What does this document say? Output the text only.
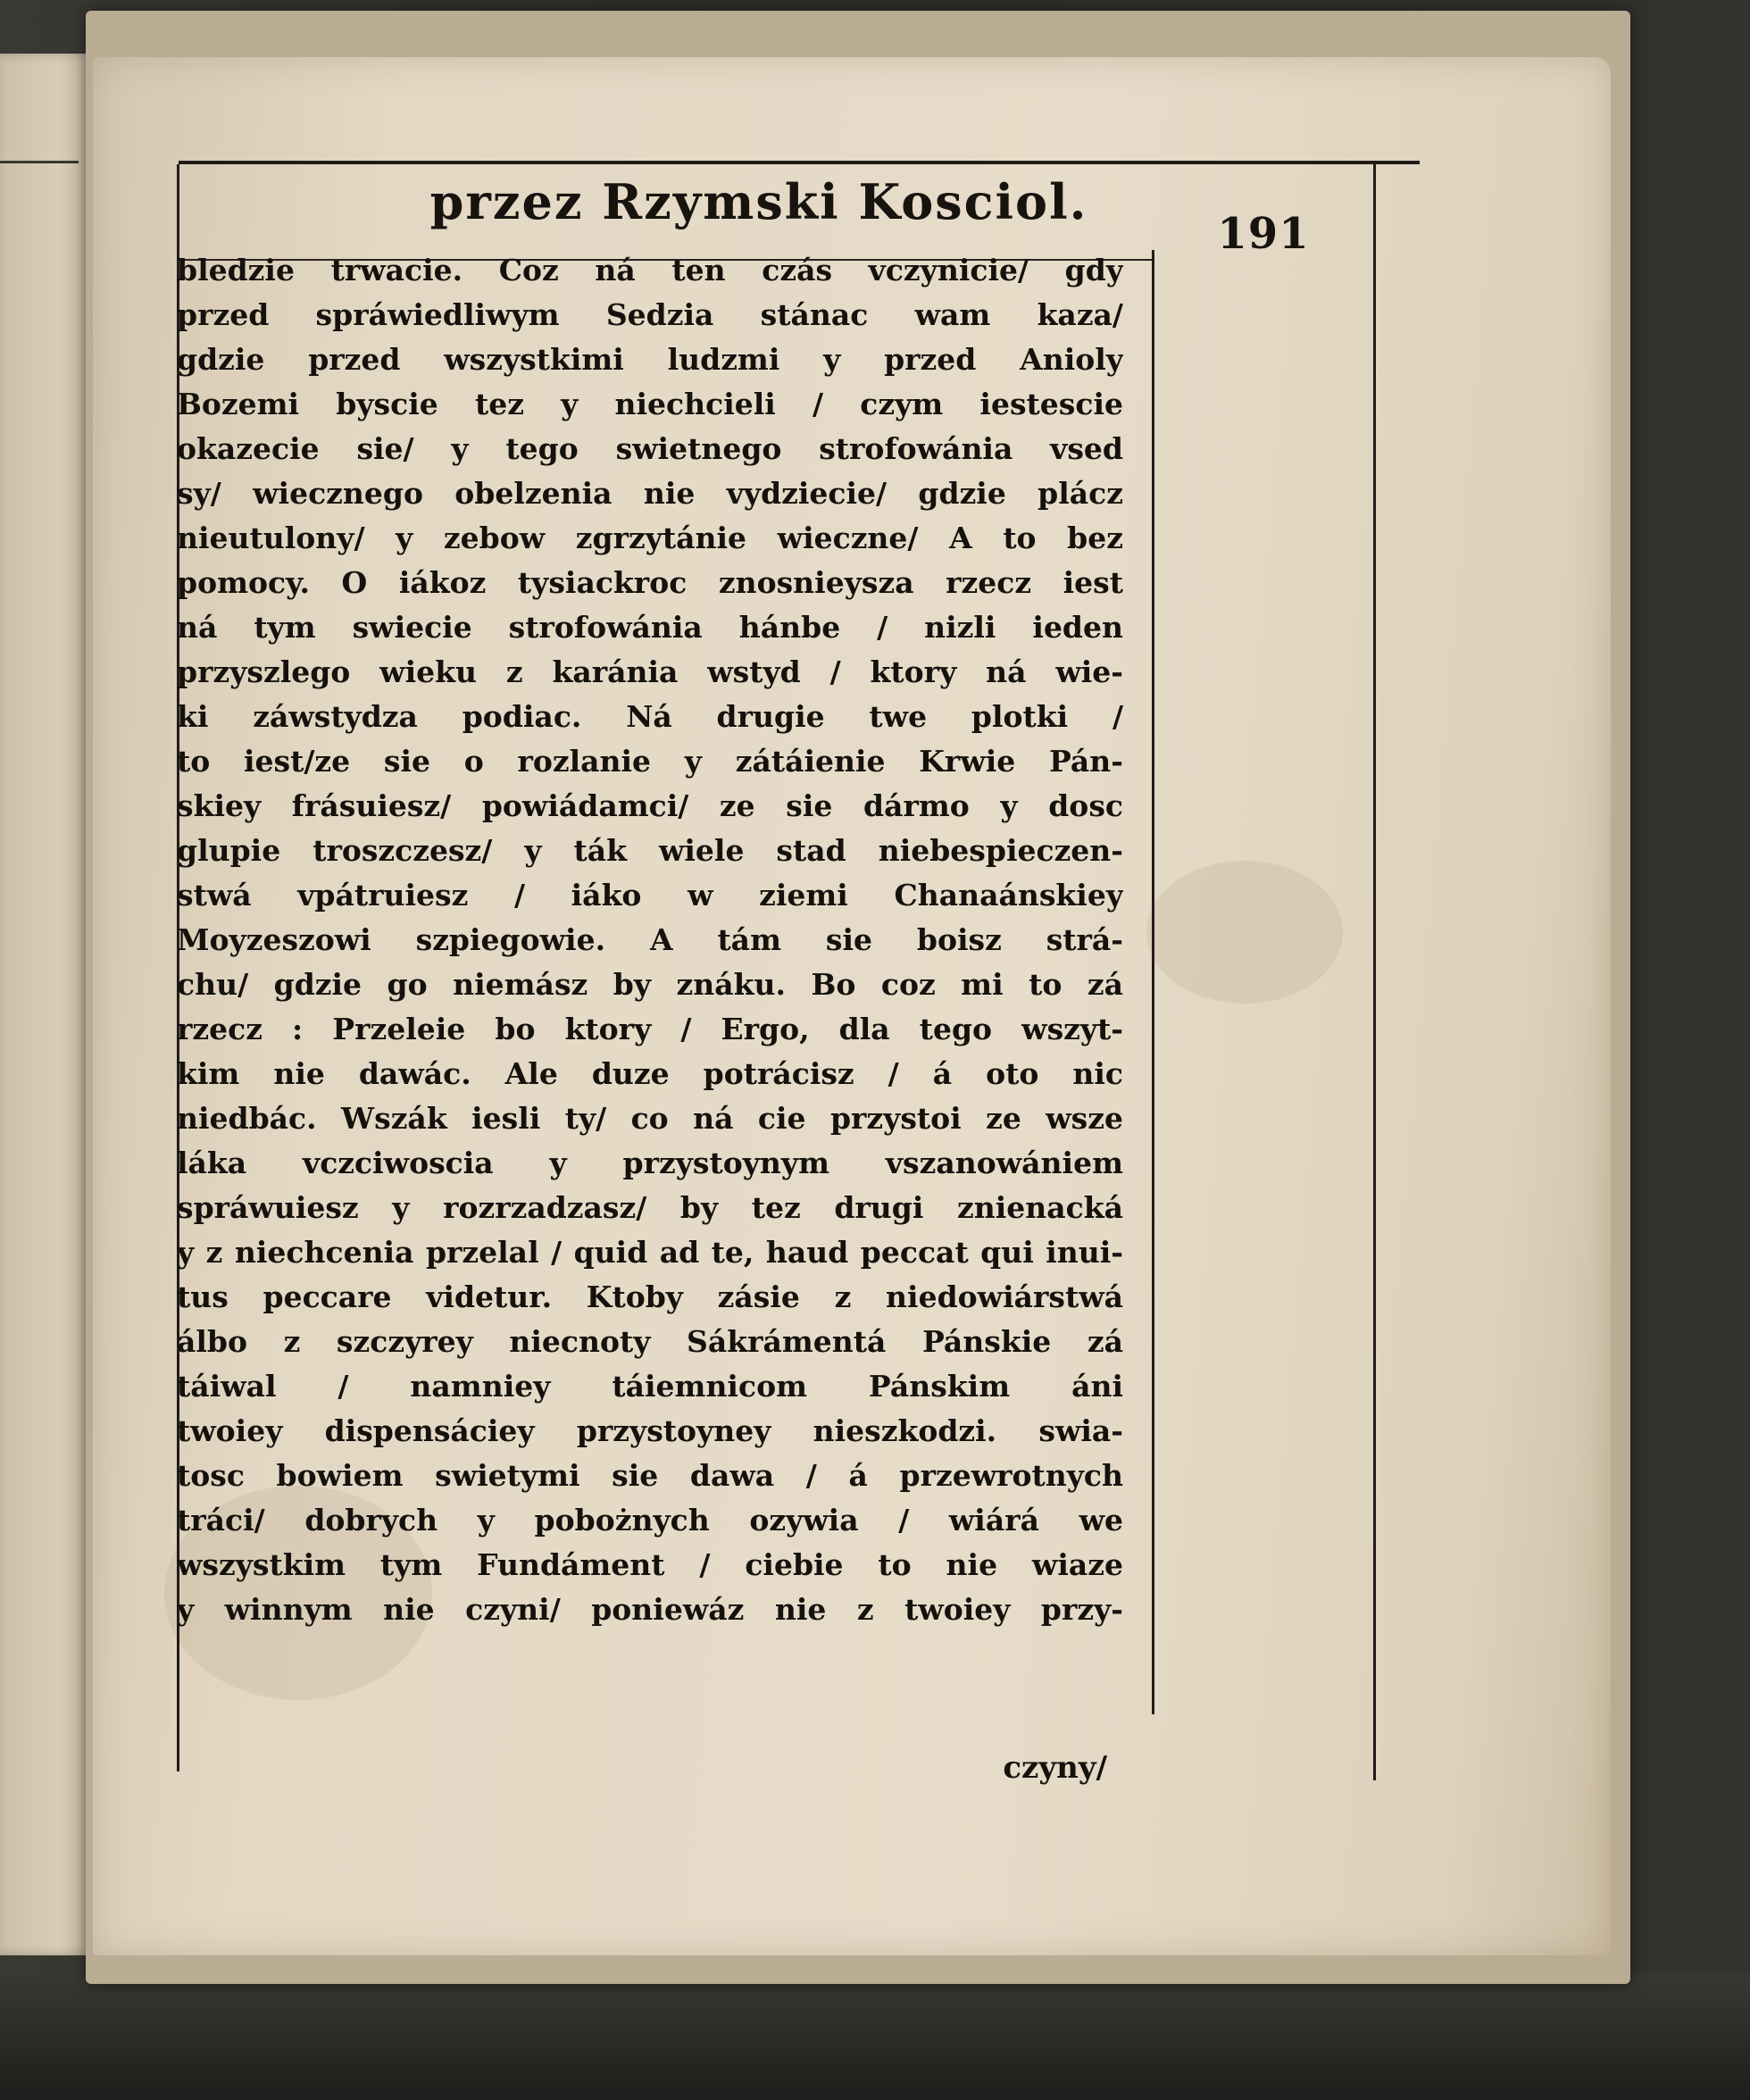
przez Rzymski Kosciol.
191
bledzie trwacie. Coz ná ten czás vczynicie/ gdy
przed spráwiedliwym Sedzia stánac wam kaza/
gdzie przed wszystkimi ludzmi y przed Anioly
Bozemi byscie tez y niechcieli / czym iestescie
okazecie sie/ y tego swietnego strofowánia vsed
sy/ wiecznego obelzenia nie vydziecie/ gdzie plácz
nieutulony/ y zebow zgrzytánie wieczne/ A to bez
pomocy. O iákoz tysiackroc znosnieysza rzecz iest
ná tym swiecie strofowánia hánbe / nizli ieden
przyszlego wieku z karánia wstyd / ktory ná wie-
ki záwstydza podiac. Ná drugie twe plotki /
to iest/ze sie o rozlanie y zátáienie Krwie Pán-
skiey frásuiesz/ powiádamci/ ze sie dármo y dosc
glupie troszczesz/ y ták wiele stad niebespieczen-
stwá vpátruiesz / iáko w ziemi Chanaánskiey
Moyzeszowi szpiegowie. A tám sie boisz strá-
chu/ gdzie go niemász by znáku. Bo coz mi to zá
rzecz : Przeleie bo ktory / Ergo, dla tego wszyt-
kim nie dawác. Ale duze potrácisz / á oto nic
niedbác. Wszák iesli ty/ co ná cie przystoi ze wsze
láka vczciwoscia y przystoynym vszanowániem
spráwuiesz y rozrzadzasz/ by tez drugi znienacká
y z niechcenia przelal / quid ad te, haud peccat qui inui-
tus peccare videtur. Ktoby zásie z niedowiárstwá
álbo z szczyrey niecnoty Sákrámentá Pánskie zá
táiwal / namniey táiemnicom Pánskim áni
twoiey dispensáciey przystoyney nieszkodzi. swia-
tosc bowiem swietymi sie dawa / á przewrotnych
tráci/ dobrych y pobożnych ozywia / wiárá we
wszystkim tym Fundáment / ciebie to nie wiaze
y winnym nie czyni/ poniewáz nie z twoiey przy-
czyny/
